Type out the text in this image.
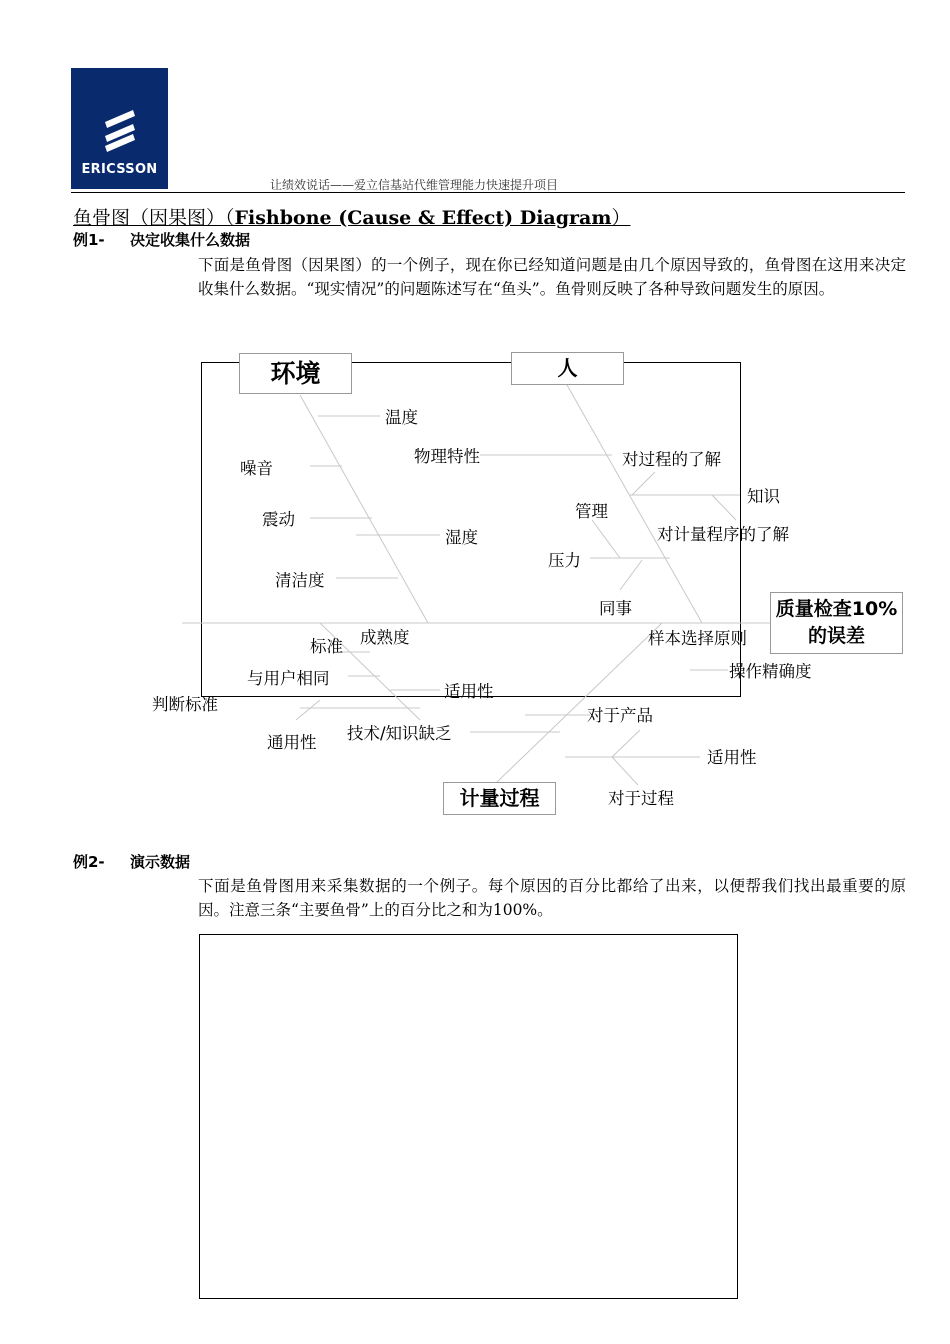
ERICSSON
让绩效说话——爱立信基站代维管理能力快速提升项目
鱼骨图（因果图）（Fishbone (Cause & Effect) Diagram）
例1- 决定收集什么数据
下面是鱼骨图（因果图）的一个例子，现在你已经知道问题是由几个原因导致的，鱼骨图在这用来决定收集什么数据。“现实情况”的问题陈述写在“鱼头”。鱼骨则反映了各种导致问题发生的原因。
环境	人
计量过程
质量检查10%
的误差
温度
物理特性
噪音
震动
湿度
清洁度
对过程的了解
知识
管理
对计量程序的了解
压力
同事
样本选择原则
标准 成熟度
与用户相同
适用性
判断标准
通用性 技术/知识缺乏
对于产品
操作精确度
适用性
对于过程
例2- 演示数据
下面是鱼骨图用来采集数据的一个例子。每个原因的百分比都给了出来，以便帮我们找出最重要的原因。注意三条“主要鱼骨”上的百分比之和为100%。
